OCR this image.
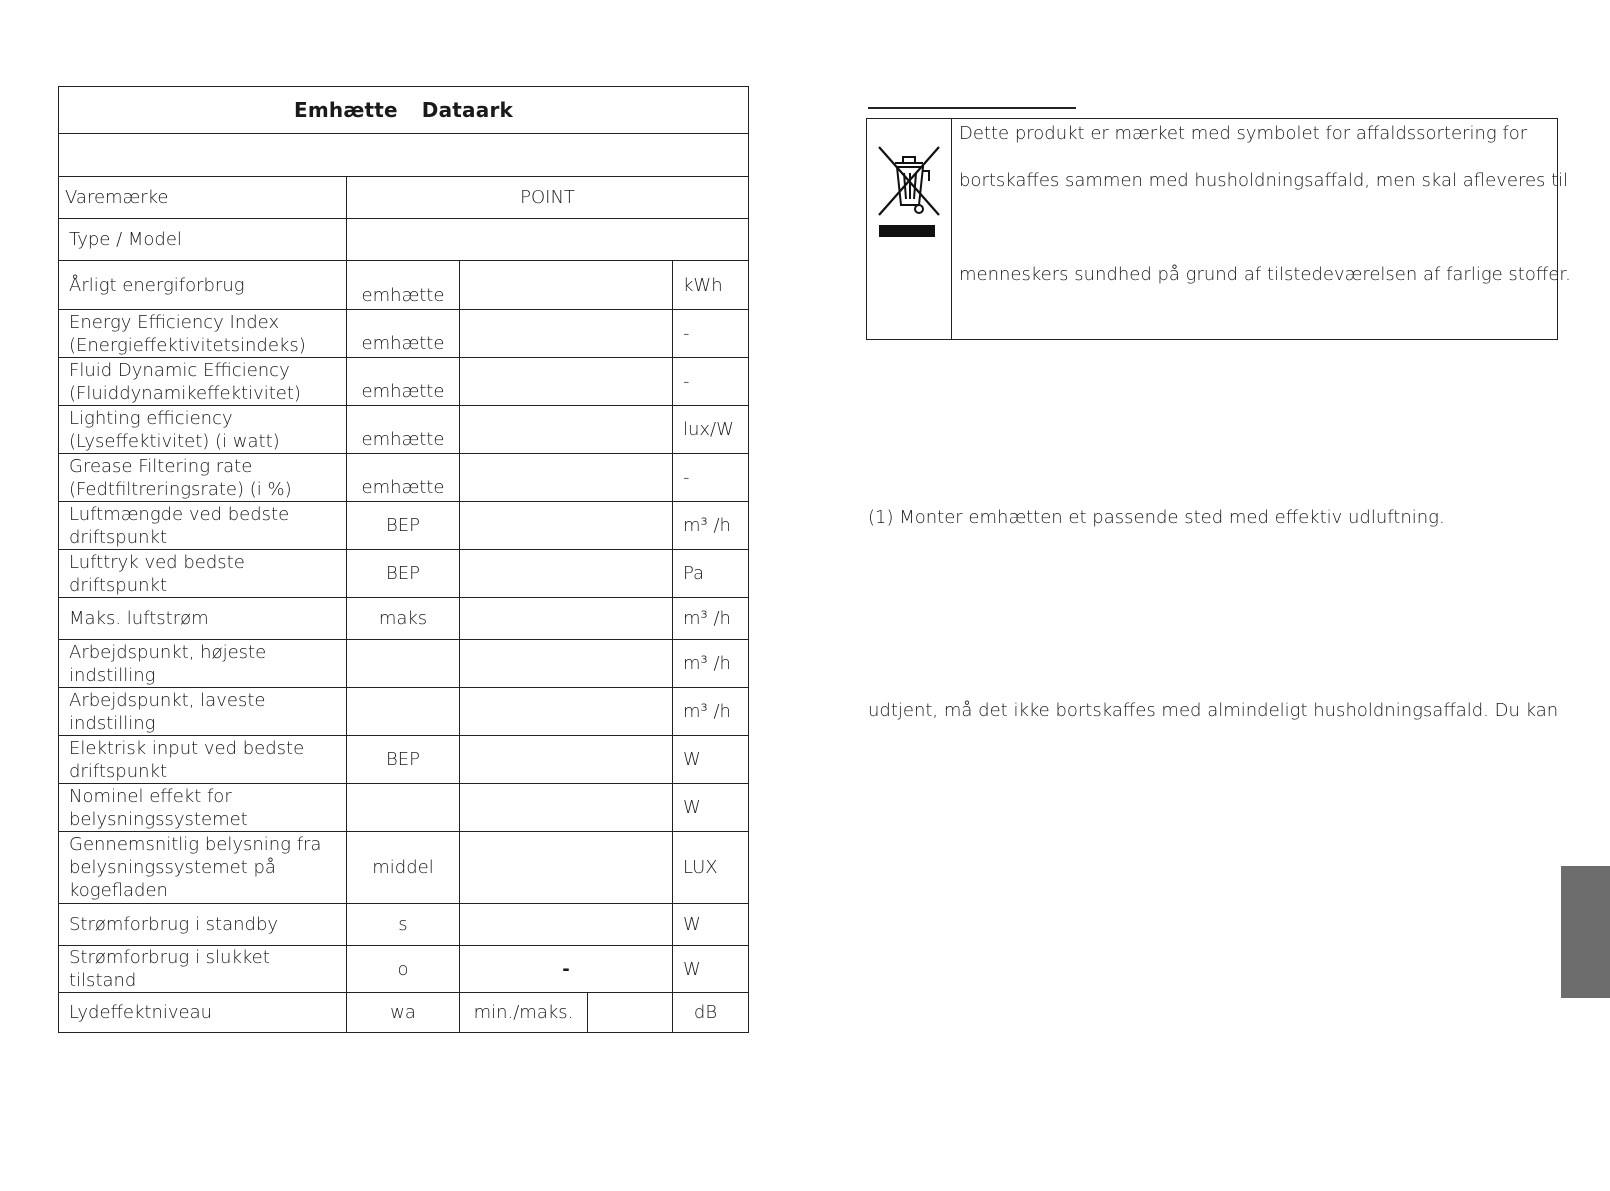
Emhætte Dataark				

Varemærke	POINT			
Type / Model				
Årligt energiforbrug	emhætte			kWh
Energy Efficiency Index (Energieffektivitetsindeks)	emhætte			-
Fluid Dynamic Efficiency (Fluiddynamikeffektivitet)	emhætte			-
Lighting efficiency (Lyseffektivitet) (i watt)	emhætte			lux/W
Grease Filtering rate (Fedtfiltreringsrate) (i %)	emhætte			-
Luftmængde ved bedste driftspunkt	BEP			m³ /h
Lufttryk ved bedste driftspunkt	BEP			Pa
Maks. luftstrøm	maks			m³ /h
Arbejdspunkt, højeste indstilling				m³ /h
Arbejdspunkt, laveste indstilling				m³ /h
Elektrisk input ved bedste driftspunkt	BEP			W
Nominel effekt for belysningssystemet				W
Gennemsnitlig belysning fra belysningssystemet på kogefladen	middel			LUX
Strømforbrug i standby	s			W
Strømforbrug i slukket tilstand	o	-		W
Lydeffektniveau	wa	min./maks.		dB
Dette produkt er mærket med symbolet for affaldssortering for
bortskaffes sammen med husholdningsaffald, men skal afleveres til
menneskers sundhed på grund af tilstedeværelsen af farlige stoffer.
(1) Monter emhætten et passende sted med effektiv udluftning.
udtjent, må det ikke bortskaffes med almindeligt husholdningsaffald. Du kan
